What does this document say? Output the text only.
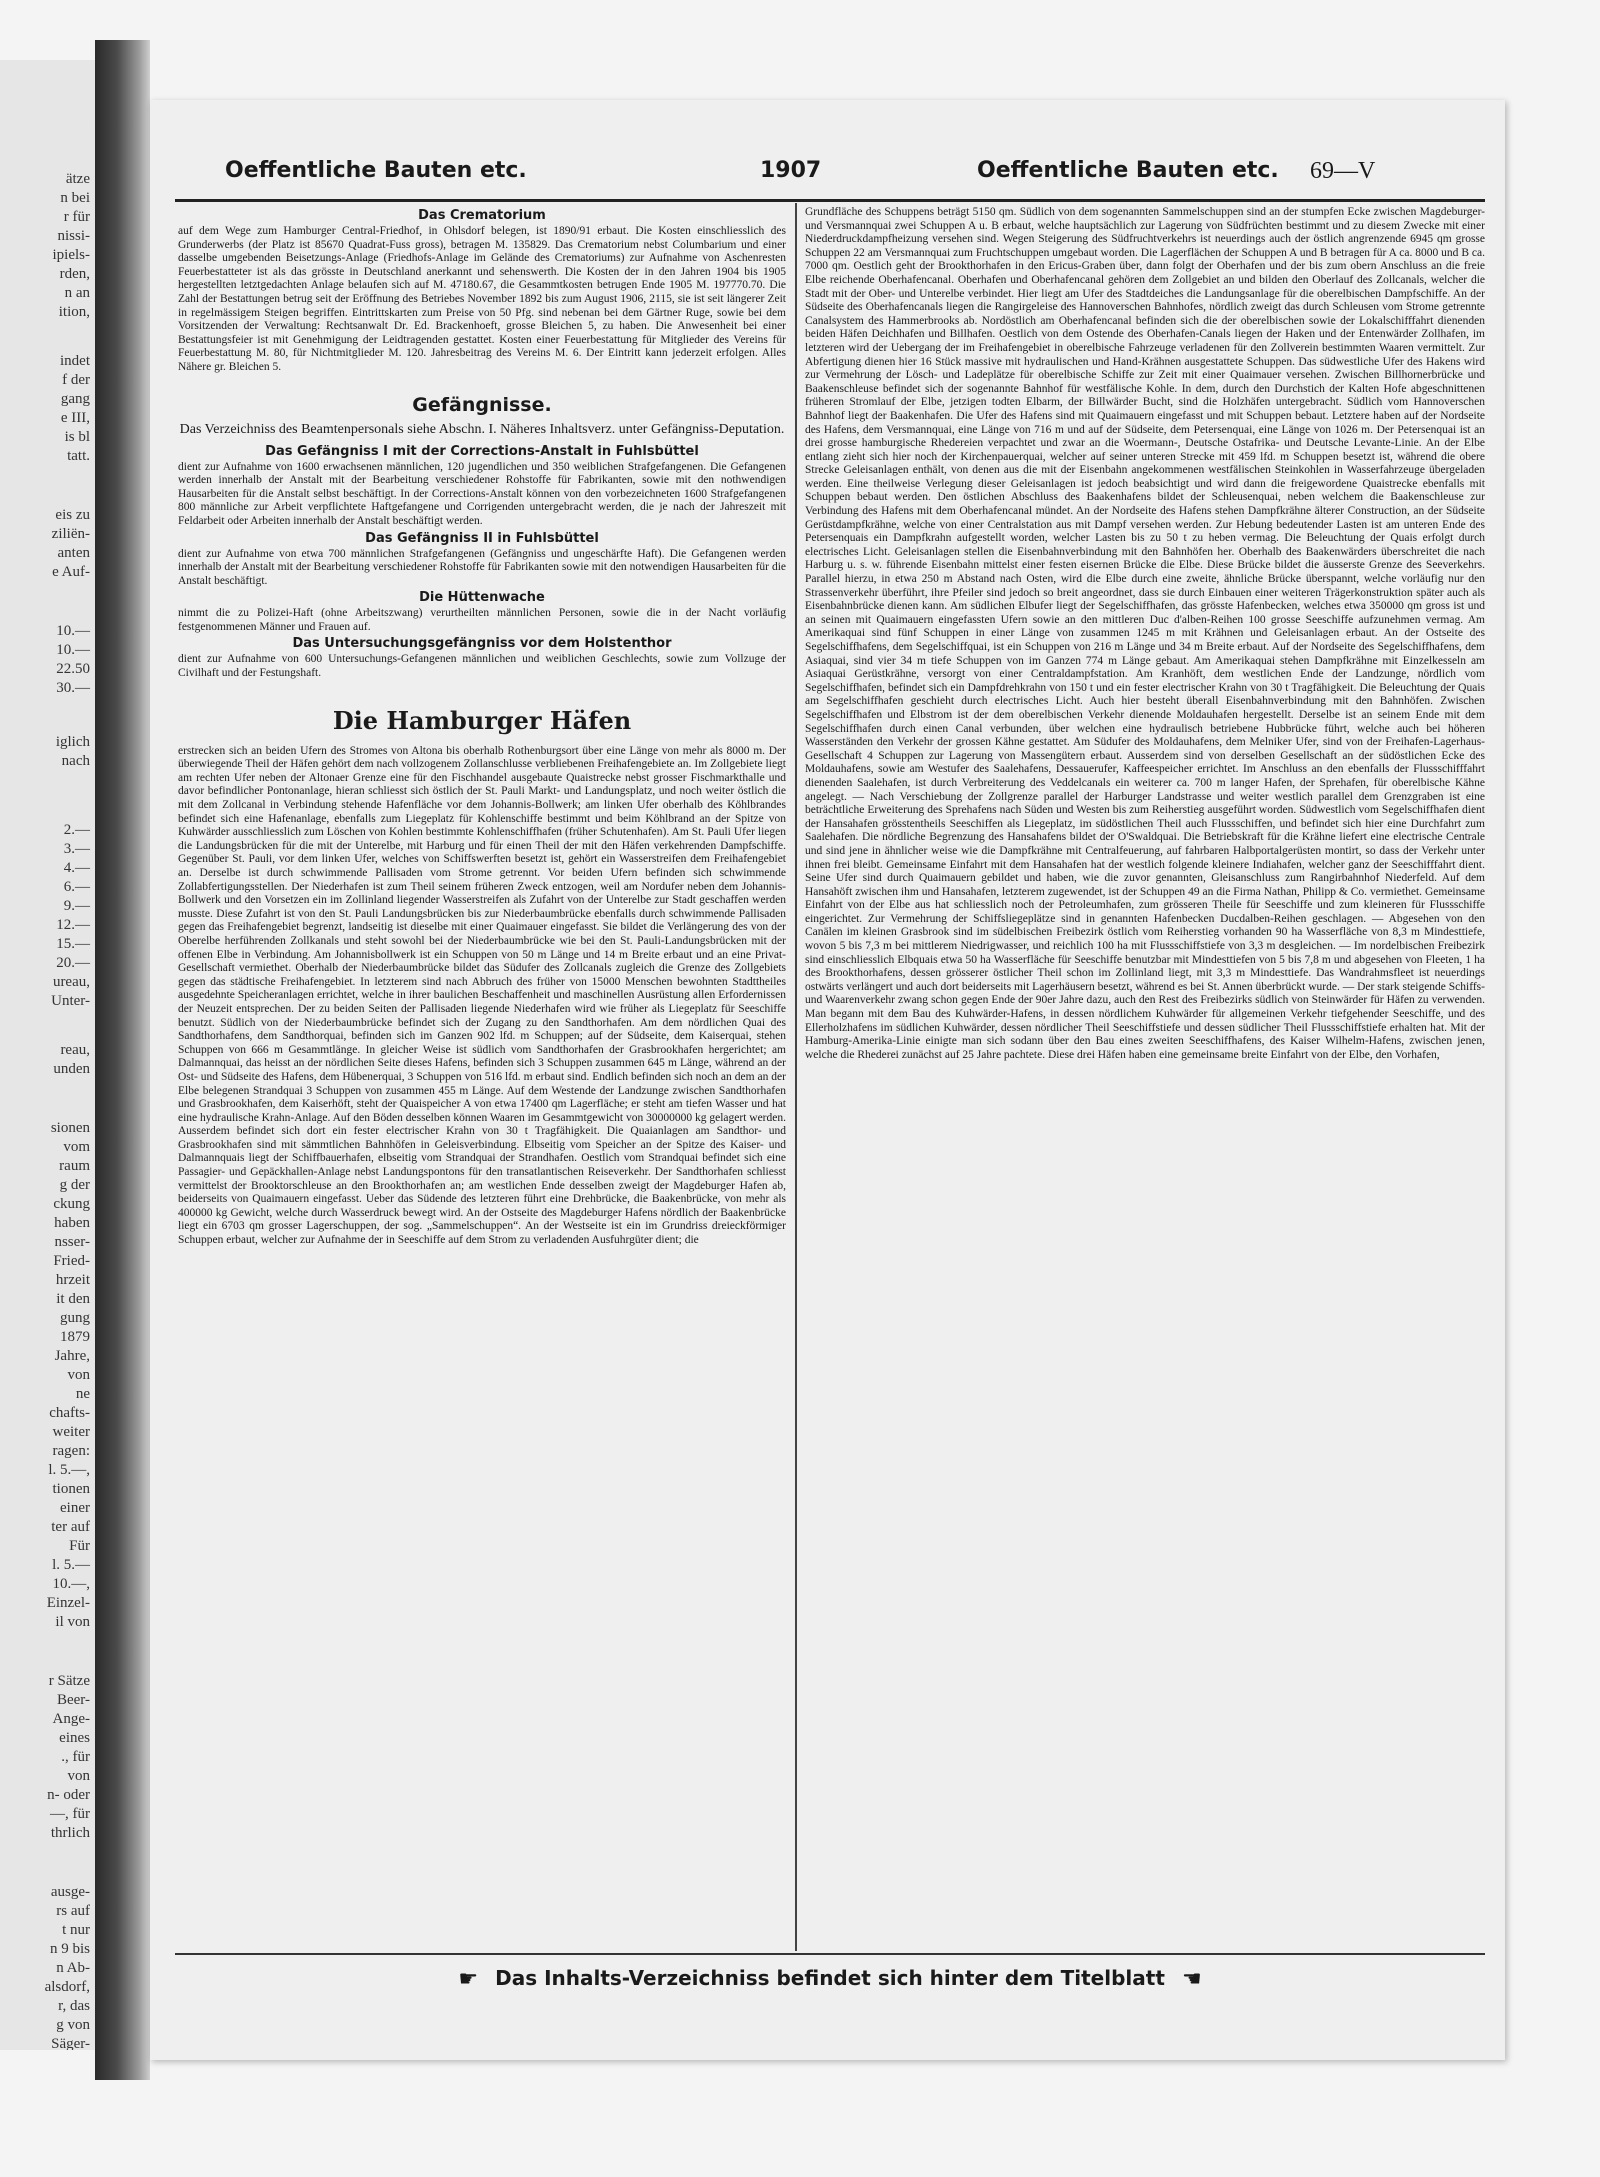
ätze
n bei
r für
nissi-
ipiels-
rden,
n an
ition,
indet
f der
gang
e III,
is bl
tatt.
eis zu
ziliën-
anten
e Auf-
10.—
10.—
22.50
30.—
iglich
nach
2.—
3.—
4.—
6.—
9.—
12.—
15.—
20.—
ureau,
Unter-
reau,
unden
sionen
vom
raum
g der
ckung
haben
nsser-
Fried-
hrzeit
it den
gung
1879
Jahre,
von
ne
chafts-
weiter
ragen:
l. 5.—,
tionen
einer
ter auf
Für
l. 5.—
10.—,
Einzel-
il von
r Sätze
Beer-
Ange-
eines
., für
von
n- oder
—, für
thrlich
ausge-
rs auf
t nur
n 9 bis
n Ab-
alsdorf,
r, das
g von
Säger-
Oeffentliche Bauten etc.	1907	Oeffentliche Bauten etc. 69—V
Das Crematorium

auf dem Wege zum Hamburger Central-Friedhof, in Ohlsdorf belegen, ist 1890/91 erbaut. Die Kosten einschliesslich des Grunderwerbs (der Platz ist 85670 Quadrat-Fuss gross), betragen M. 135829. Das Crematorium nebst Columbarium und einer dasselbe umgebenden Beisetzungs-Anlage (Friedhofs-Anlage im Gelände des Crematoriums) zur Aufnahme von Aschenresten Feuerbestatteter ist als das grösste in Deutschland anerkannt und sehenswerth. Die Kosten der in den Jahren 1904 bis 1905 hergestellten letztgedachten Anlage belaufen sich auf M. 47180.67, die Gesammtkosten betrugen Ende 1905 M. 197770.70. Die Zahl der Bestattungen betrug seit der Eröffnung des Betriebes November 1892 bis zum August 1906, 2115, sie ist seit längerer Zeit in regelmässigem Steigen begriffen. Eintrittskarten zum Preise von 50 Pfg. sind nebenan bei dem Gärtner Ruge, sowie bei dem Vorsitzenden der Verwaltung: Rechtsanwalt Dr. Ed. Brackenhoeft, grosse Bleichen 5, zu haben. Die Anwesenheit bei einer Bestattungsfeier ist mit Genehmigung der Leidtragenden gestattet. Kosten einer Feuerbestattung für Mitglieder des Vereins für Feuerbestattung M. 80, für Nichtmitglieder M. 120. Jahresbeitrag des Vereins M. 6. Der Eintritt kann jederzeit erfolgen. Alles Nähere gr. Bleichen 5.

Gefängnisse.
Das Verzeichniss des Beamtenpersonals siehe Abschn. I. Näheres Inhaltsverz. unter Gefängniss-Deputation.
Das Gefängniss I mit der Corrections-Anstalt in Fuhlsbüttel

dient zur Aufnahme von 1600 erwachsenen männlichen, 120 jugendlichen und 350 weiblichen Strafgefangenen. Die Gefangenen werden innerhalb der Anstalt mit der Bearbeitung verschiedener Rohstoffe für Fabrikanten, sowie mit den nothwendigen Hausarbeiten für die Anstalt selbst beschäftigt. In der Corrections-Anstalt können von den vorbezeichneten 1600 Strafgefangenen 800 männliche zur Arbeit verpflichtete Haftgefangene und Corrigenden untergebracht werden, die je nach der Jahreszeit mit Feldarbeit oder Arbeiten innerhalb der Anstalt beschäftigt werden.

Das Gefängniss II in Fuhlsbüttel

dient zur Aufnahme von etwa 700 männlichen Strafgefangenen (Gefängniss und ungeschärfte Haft). Die Gefangenen werden innerhalb der Anstalt mit der Bearbeitung verschiedener Rohstoffe für Fabrikanten sowie mit den notwendigen Hausarbeiten für die Anstalt beschäftigt.

Die Hüttenwache

nimmt die zu Polizei-Haft (ohne Arbeitszwang) verurtheilten männlichen Personen, sowie die in der Nacht vorläufig festgenommenen Männer und Frauen auf.

Das Untersuchungsgefängniss vor dem Holstenthor

dient zur Aufnahme von 600 Untersuchungs-Gefangenen männlichen und weiblichen Geschlechts, sowie zum Vollzuge der Civilhaft und der Festungshaft.

Die Hamburger Häfen

erstrecken sich an beiden Ufern des Stromes von Altona bis oberhalb Rothenburgsort über eine Länge von mehr als 8000 m. Der überwiegende Theil der Häfen gehört dem nach vollzogenem Zollanschlusse verbliebenen Freihafengebiete an. Im Zollgebiete liegt am rechten Ufer neben der Altonaer Grenze eine für den Fischhandel ausgebaute Quaistrecke nebst grosser Fischmarkthalle und davor befindlicher Pontonanlage, hieran schliesst sich östlich der St. Pauli Markt- und Landungsplatz, und noch weiter östlich die mit dem Zollcanal in Verbindung stehende Hafenfläche vor dem Johannis-Bollwerk; am linken Ufer oberhalb des Köhlbrandes befindet sich eine Hafenanlage, ebenfalls zum Liegeplatz für Kohlenschiffe bestimmt und beim Köhlbrand an der Spitze von Kuhwärder ausschliesslich zum Löschen von Kohlen bestimmte Kohlenschiffhafen (früher Schutenhafen). Am St. Pauli Ufer liegen die Landungsbrücken für die mit der Unterelbe, mit Harburg und für einen Theil der mit den Häfen verkehrenden Dampfschiffe. Gegenüber St. Pauli, vor dem linken Ufer, welches von Schiffswerften besetzt ist, gehört ein Wasserstreifen dem Freihafengebiet an. Derselbe ist durch schwimmende Pallisaden vom Strome getrennt. Vor beiden Ufern befinden sich schwimmende Zollabfertigungsstellen. Der Niederhafen ist zum Theil seinem früheren Zweck entzogen, weil am Nordufer neben dem Johannis-Bollwerk und den Vorsetzen ein im Zollinland liegender Wasserstreifen als Zufahrt von der Unterelbe zur Stadt geschaffen werden musste. Diese Zufahrt ist von den St. Pauli Landungsbrücken bis zur Niederbaumbrücke ebenfalls durch schwimmende Pallisaden gegen das Freihafengebiet begrenzt, landseitig ist dieselbe mit einer Quaimauer eingefasst. Sie bildet die Verlängerung des von der Oberelbe herführenden Zollkanals und steht sowohl bei der Niederbaumbrücke wie bei den St. Pauli-Landungsbrücken mit der offenen Elbe in Verbindung. Am Johannisbollwerk ist ein Schuppen von 50 m Länge und 14 m Breite erbaut und an eine Privat-Gesellschaft vermiethet. Oberhalb der Niederbaumbrücke bildet das Südufer des Zollcanals zugleich die Grenze des Zollgebiets gegen das städtische Freihafengebiet. In letzterem sind nach Abbruch des früher von 15000 Menschen bewohnten Stadttheiles ausgedehnte Speicheranlagen errichtet, welche in ihrer baulichen Beschaffenheit und maschinellen Ausrüstung allen Erfordernissen der Neuzeit entsprechen. Der zu beiden Seiten der Pallisaden liegende Niederhafen wird wie früher als Liegeplatz für Seeschiffe benutzt. Südlich von der Niederbaumbrücke befindet sich der Zugang zu den Sandthorhafen. Am dem nördlichen Quai des Sandthorhafens, dem Sandthorquai, befinden sich im Ganzen 902 lfd. m Schuppen; auf der Südseite, dem Kaiserquai, stehen Schuppen von 666 m Gesammtlänge. In gleicher Weise ist südlich vom Sandthorhafen der Grasbrookhafen hergerichtet; am Dalmannquai, das heisst an der nördlichen Seite dieses Hafens, befinden sich 3 Schuppen zusammen 645 m Länge, während an der Ost- und Südseite des Hafens, dem Hübenerquai, 3 Schuppen von 516 lfd. m erbaut sind. Endlich befinden sich noch an dem an der Elbe belegenen Strandquai 3 Schuppen von zusammen 455 m Länge. Auf dem Westende der Landzunge zwischen Sandthorhafen und Grasbrookhafen, dem Kaiserhöft, steht der Quaispeicher A von etwa 17400 qm Lagerfläche; er steht am tiefen Wasser und hat eine hydraulische Krahn-Anlage. Auf den Böden desselben können Waaren im Gesammtgewicht von 30000000 kg gelagert werden. Ausserdem befindet sich dort ein fester electrischer Krahn von 30 t Tragfähigkeit. Die Quaianlagen am Sandthor- und Grasbrookhafen sind mit sämmtlichen Bahnhöfen in Geleisverbindung. Elbseitig vom Speicher an der Spitze des Kaiser- und Dalmannquais liegt der Schiffbauerhafen, elbseitig vom Strandquai der Strandhafen. Oestlich vom Strandquai befindet sich eine Passagier- und Gepäckhallen-Anlage nebst Landungspontons für den transatlantischen Reiseverkehr. Der Sandthorhafen schliesst vermittelst der Brooktorschleuse an den Brookthorhafen an; am westlichen Ende desselben zweigt der Magdeburger Hafen ab, beiderseits von Quaimauern eingefasst. Ueber das Südende des letzteren führt eine Drehbrücke, die Baakenbrücke, von mehr als 400000 kg Gewicht, welche durch Wasserdruck bewegt wird. An der Ostseite des Magdeburger Hafens nördlich der Baakenbrücke liegt ein 6703 qm grosser Lagerschuppen, der sog. „Sammelschuppen“. An der Westseite ist ein im Grundriss dreieckförmiger Schuppen erbaut, welcher zur Aufnahme der in Seeschiffe auf dem Strom zu verladenden Ausfuhrgüter dient; die

Grundfläche des Schuppens beträgt 5150 qm. Südlich von dem sogenannten Sammelschuppen sind an der stumpfen Ecke zwischen Magdeburger- und Versmannquai zwei Schuppen A u. B erbaut, welche hauptsächlich zur Lagerung von Südfrüchten bestimmt und zu diesem Zwecke mit einer Niederdruckdampfheizung versehen sind. Wegen Steigerung des Südfruchtverkehrs ist neuerdings auch der östlich angrenzende 6945 qm grosse Schuppen 22 am Versmannquai zum Fruchtschuppen umgebaut worden. Die Lagerflächen der Schuppen A und B betragen für A ca. 8000 und B ca. 7000 qm. Oestlich geht der Brookthorhafen in den Ericus-Graben über, dann folgt der Oberhafen und der bis zum obern Anschluss an die freie Elbe reichende Oberhafencanal. Oberhafen und Oberhafencanal gehören dem Zollgebiet an und bilden den Oberlauf des Zollcanals, welcher die Stadt mit der Ober- und Unterelbe verbindet. Hier liegt am Ufer des Stadtdeiches die Landungsanlage für die oberelbischen Dampfschiffe. An der Südseite des Oberhafencanals liegen die Rangirgeleise des Hannoverschen Bahnhofes, nördlich zweigt das durch Schleusen vom Strome getrennte Canalsystem des Hammerbrooks ab. Nordöstlich am Oberhafencanal befinden sich die der oberelbischen sowie der Lokalschifffahrt dienenden beiden Häfen Deichhafen und Billhafen. Oestlich von dem Ostende des Oberhafen-Canals liegen der Haken und der Entenwärder Zollhafen, im letzteren wird der Uebergang der im Freihafengebiet in oberelbische Fahrzeuge verladenen für den Zollverein bestimmten Waaren vermittelt. Zur Abfertigung dienen hier 16 Stück massive mit hydraulischen und Hand-Krähnen ausgestattete Schuppen. Das südwestliche Ufer des Hakens wird zur Vermehrung der Lösch- und Ladeplätze für oberelbische Schiffe zur Zeit mit einer Quaimauer versehen. Zwischen Billhornerbrücke und Baakenschleuse befindet sich der sogenannte Bahnhof für westfälische Kohle. In dem, durch den Durchstich der Kalten Hofe abgeschnittenen früheren Stromlauf der Elbe, jetzigen todten Elbarm, der Billwärder Bucht, sind die Holzhäfen untergebracht. Südlich vom Hannoverschen Bahnhof liegt der Baakenhafen. Die Ufer des Hafens sind mit Quaimauern eingefasst und mit Schuppen bebaut. Letztere haben auf der Nordseite des Hafens, dem Versmannquai, eine Länge von 716 m und auf der Südseite, dem Petersenquai, eine Länge von 1026 m. Der Petersenquai ist an drei grosse hamburgische Rhedereien verpachtet und zwar an die Woermann-, Deutsche Ostafrika- und Deutsche Levante-Linie. An der Elbe entlang zieht sich hier noch der Kirchenpauerquai, welcher auf seiner unteren Strecke mit 459 lfd. m Schuppen besetzt ist, während die obere Strecke Geleisanlagen enthält, von denen aus die mit der Eisenbahn angekommenen westfälischen Steinkohlen in Wasserfahrzeuge übergeladen werden. Eine theilweise Verlegung dieser Geleisanlagen ist jedoch beabsichtigt und wird dann die freigewordene Quaistrecke ebenfalls mit Schuppen bebaut werden. Den östlichen Abschluss des Baakenhafens bildet der Schleusenquai, neben welchem die Baakenschleuse zur Verbindung des Hafens mit dem Oberhafencanal mündet. An der Nordseite des Hafens stehen Dampfkrähne älterer Construction, an der Südseite Gerüstdampfkrähne, welche von einer Centralstation aus mit Dampf versehen werden. Zur Hebung bedeutender Lasten ist am unteren Ende des Petersenquais ein Dampfkrahn aufgestellt worden, welcher Lasten bis zu 50 t zu heben vermag. Die Beleuchtung der Quais erfolgt durch electrisches Licht. Geleisanlagen stellen die Eisenbahnverbindung mit den Bahnhöfen her. Oberhalb des Baakenwärders überschreitet die nach Harburg u. s. w. führende Eisenbahn mittelst einer festen eisernen Brücke die Elbe. Diese Brücke bildet die äusserste Grenze des Seeverkehrs. Parallel hierzu, in etwa 250 m Abstand nach Osten, wird die Elbe durch eine zweite, ähnliche Brücke überspannt, welche vorläufig nur den Strassenverkehr überführt, ihre Pfeiler sind jedoch so breit angeordnet, dass sie durch Einbauen einer weiteren Trägerkonstruktion später auch als Eisenbahnbrücke dienen kann. Am südlichen Elbufer liegt der Segelschiffhafen, das grösste Hafenbecken, welches etwa 350000 qm gross ist und an seinen mit Quaimauern eingefassten Ufern sowie an den mittleren Duc d'alben-Reihen 100 grosse Seeschiffe aufzunehmen vermag. Am Amerikaquai sind fünf Schuppen in einer Länge von zusammen 1245 m mit Krähnen und Geleisanlagen erbaut. An der Ostseite des Segelschiffhafens, dem Segelschiffquai, ist ein Schuppen von 216 m Länge und 34 m Breite erbaut. Auf der Nordseite des Segelschiffhafens, dem Asiaquai, sind vier 34 m tiefe Schuppen von im Ganzen 774 m Länge gebaut. Am Amerikaquai stehen Dampfkrähne mit Einzelkesseln am Asiaquai Gerüstkrähne, versorgt von einer Centraldampfstation. Am Kranhöft, dem westlichen Ende der Landzunge, nördlich vom Segelschiffhafen, befindet sich ein Dampfdrehkrahn von 150 t und ein fester electrischer Krahn von 30 t Tragfähigkeit. Die Beleuchtung der Quais am Segelschiffhafen geschieht durch electrisches Licht. Auch hier besteht überall Eisenbahnverbindung mit den Bahnhöfen. Zwischen Segelschiffhafen und Elbstrom ist der dem oberelbischen Verkehr dienende Moldauhafen hergestellt. Derselbe ist an seinem Ende mit dem Segelschiffhafen durch einen Canal verbunden, über welchen eine hydraulisch betriebene Hubbrücke führt, welche auch bei höheren Wasserständen den Verkehr der grossen Kähne gestattet. Am Südufer des Moldauhafens, dem Melniker Ufer, sind von der Freihafen-Lagerhaus-Gesellschaft 4 Schuppen zur Lagerung von Massengütern erbaut. Ausserdem sind von derselben Gesellschaft an der südöstlichen Ecke des Moldauhafens, sowie am Westufer des Saalehafens, Dessauerufer, Kaffeespeicher errichtet. Im Anschluss an den ebenfalls der Flussschifffahrt dienenden Saalehafen, ist durch Verbreiterung des Veddelcanals ein weiterer ca. 700 m langer Hafen, der Sprehafen, für oberelbische Kähne angelegt. — Nach Verschiebung der Zollgrenze parallel der Harburger Landstrasse und weiter westlich parallel dem Grenzgraben ist eine beträchtliche Erweiterung des Sprehafens nach Süden und Westen bis zum Reiherstieg ausgeführt worden. Südwestlich vom Segelschiffhafen dient der Hansahafen grösstentheils Seeschiffen als Liegeplatz, im südöstlichen Theil auch Flussschiffen, und befindet sich hier eine Durchfahrt zum Saalehafen. Die nördliche Begrenzung des Hansahafens bildet der O'Swaldquai. Die Betriebskraft für die Krähne liefert eine electrische Centrale und sind jene in ähnlicher weise wie die Dampfkrähne mit Centralfeuerung, auf fahrbaren Halbportalgerüsten montirt, so dass der Verkehr unter ihnen frei bleibt. Gemeinsame Einfahrt mit dem Hansahafen hat der westlich folgende kleinere Indiahafen, welcher ganz der Seeschifffahrt dient. Seine Ufer sind durch Quaimauern gebildet und haben, wie die zuvor genannten, Gleisanschluss zum Rangirbahnhof Niederfeld. Auf dem Hansahöft zwischen ihm und Hansahafen, letzterem zugewendet, ist der Schuppen 49 an die Firma Nathan, Philipp & Co. vermiethet. Gemeinsame Einfahrt von der Elbe aus hat schliesslich noch der Petroleumhafen, zum grösseren Theile für Seeschiffe und zum kleineren für Flussschiffe eingerichtet. Zur Vermehrung der Schiffsliegeplätze sind in genannten Hafenbecken Ducdalben-Reihen geschlagen. — Abgesehen von den Canälen im kleinen Grasbrook sind im südelbischen Freibezirk östlich vom Reiherstieg vorhanden 90 ha Wasserfläche von 8,3 m Mindesttiefe, wovon 5 bis 7,3 m bei mittlerem Niedrigwasser, und reichlich 100 ha mit Flussschiffstiefe von 3,3 m desgleichen. — Im nordelbischen Freibezirk sind einschliesslich Elbquais etwa 50 ha Wasserfläche für Seeschiffe benutzbar mit Mindesttiefen von 5 bis 7,8 m und abgesehen von Fleeten, 1 ha des Brookthorhafens, dessen grösserer östlicher Theil schon im Zollinland liegt, mit 3,3 m Mindesttiefe. Das Wandrahmsfleet ist neuerdings ostwärts verlängert und auch dort beiderseits mit Lagerhäusern besetzt, während es bei St. Annen überbrückt wurde. — Der stark steigende Schiffs- und Waarenverkehr zwang schon gegen Ende der 90er Jahre dazu, auch den Rest des Freibezirks südlich von Steinwärder für Häfen zu verwenden. Man begann mit dem Bau des Kuhwärder-Hafens, in dessen nördlichem Kuhwärder für allgemeinen Verkehr tiefgehender Seeschiffe, und des Ellerholzhafens im südlichen Kuhwärder, dessen nördlicher Theil Seeschiffstiefe und dessen südlicher Theil Flussschiffstiefe erhalten hat. Mit der Hamburg-Amerika-Linie einigte man sich sodann über den Bau eines zweiten Seeschiffhafens, des Kaiser Wilhelm-Hafens, zwischen jenen, welche die Rhederei zunächst auf 25 Jahre pachtete. Diese drei Häfen haben eine gemeinsame breite Einfahrt von der Elbe, den Vorhafen,

☛ Das Inhalts-Verzeichniss befindet sich hinter dem Titelblatt ☛
